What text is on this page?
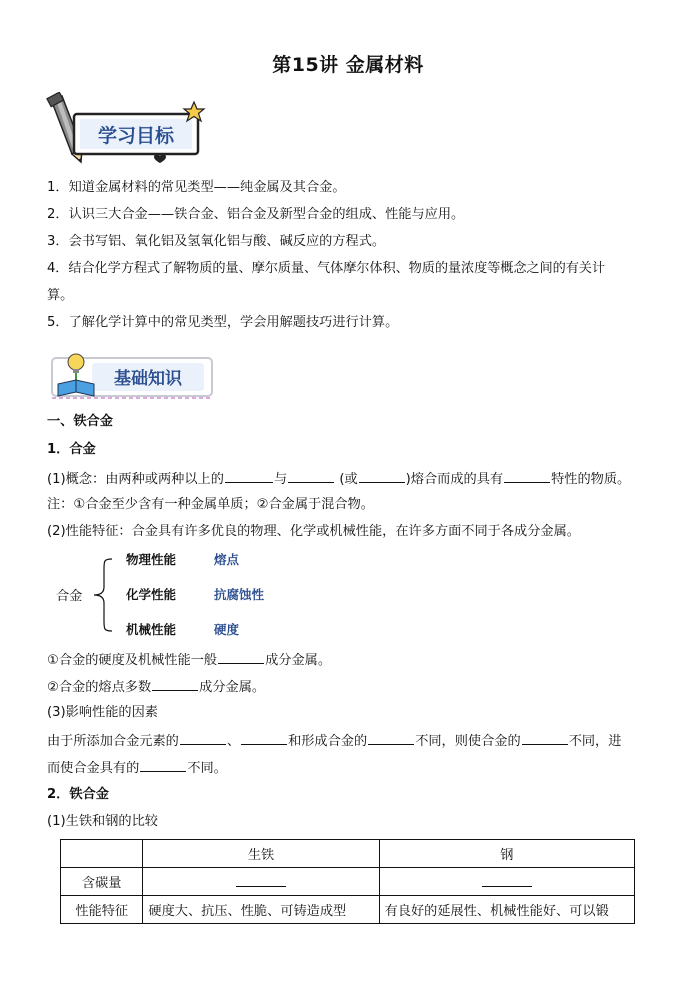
第15讲 金属材料
学习目标
1．知道金属材料的常见类型——纯金属及其合金。
2．认识三大合金——铁合金、铝合金及新型合金的组成、性能与应用。
3．会书写铝、氧化铝及氢氧化铝与酸、碱反应的方程式。
4．结合化学方程式了解物质的量、摩尔质量、气体摩尔体积、物质的量浓度等概念之间的有关计
算。
5．了解化学计算中的常见类型，学会用解题技巧进行计算。
基础知识
一、铁合金
1．合金
(1)概念：由两种或两种以上的	与	(或	)熔合而成的具有	特性的物质。
注：①合金至少含有一种金属单质；②合金属于混合物。
(2)性能特征：合金具有许多优良的物理、化学或机械性能，在许多方面不同于各成分金属。
合金
物理性能	熔点
化学性能	抗腐蚀性
机械性能	硬度
①合金的硬度及机械性能一般	成分金属。
②合金的熔点多数	成分金属。
(3)影响性能的因素
由于所添加合金元素的	、	和形成合金的	不同，则使合金的	不同，进
而使合金具有的	不同。
2．铁合金
(1)生铁和钢的比较
	生铁	钢
含碳量		
性能特征	硬度大、抗压、性脆、可铸造成型	有良好的延展性、机械性能好、可以锻
